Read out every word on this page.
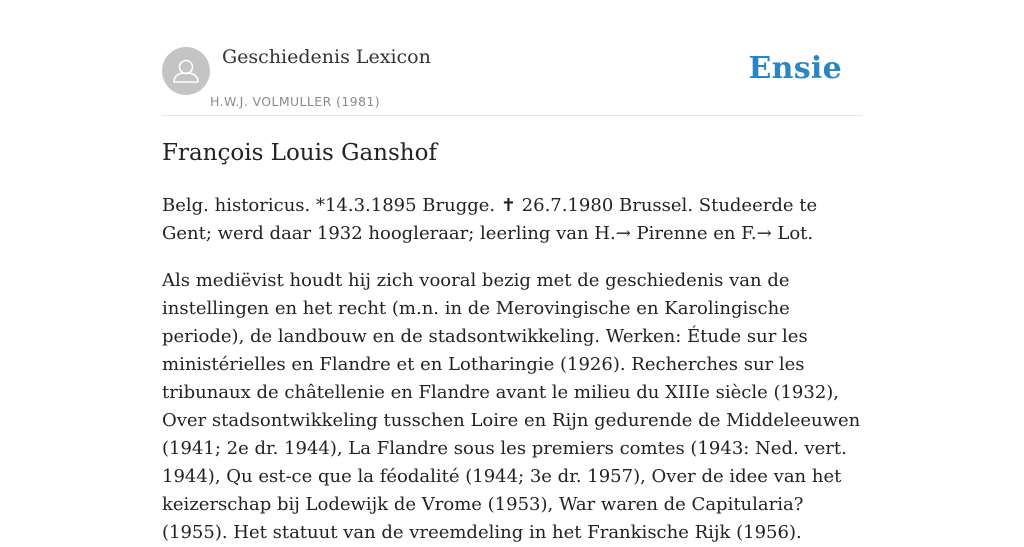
Geschiedenis Lexicon
H.W.J. VOLMULLER (1981)
Ensie
François Louis Ganshof

Belg. historicus. *14.3.1895 Brugge. ✝ 26.7.1980 Brussel. Studeerde te Gent; werd daar 1932 hoogleraar; leerling van H.→ Pirenne en F.→ Lot.

Als mediëvist houdt hij zich vooral bezig met de geschiedenis van de instellingen en het recht (m.n. in de Merovingische en Karolingische periode), de landbouw en de stadsontwikkeling. Werken: Étude sur les ministérielles en Flandre et en Lotharingie (1926). Recherches sur les tribunaux de châtellenie en Flandre avant le milieu du XIIIe siècle (1932), Over stadsontwikkeling tusschen Loire en Rijn gedurende de Middeleeuwen (1941; 2e dr. 1944), La Flandre sous les premiers comtes (1943: Ned. vert. 1944), Qu est-ce que la féodalité (1944; 3e dr. 1957), Over de idee van het keizerschap bij Lodewijk de Vrome (1953), War waren de Capitularia? (1955). Het statuut van de vreemdeling in het Frankische Rijk (1956).
